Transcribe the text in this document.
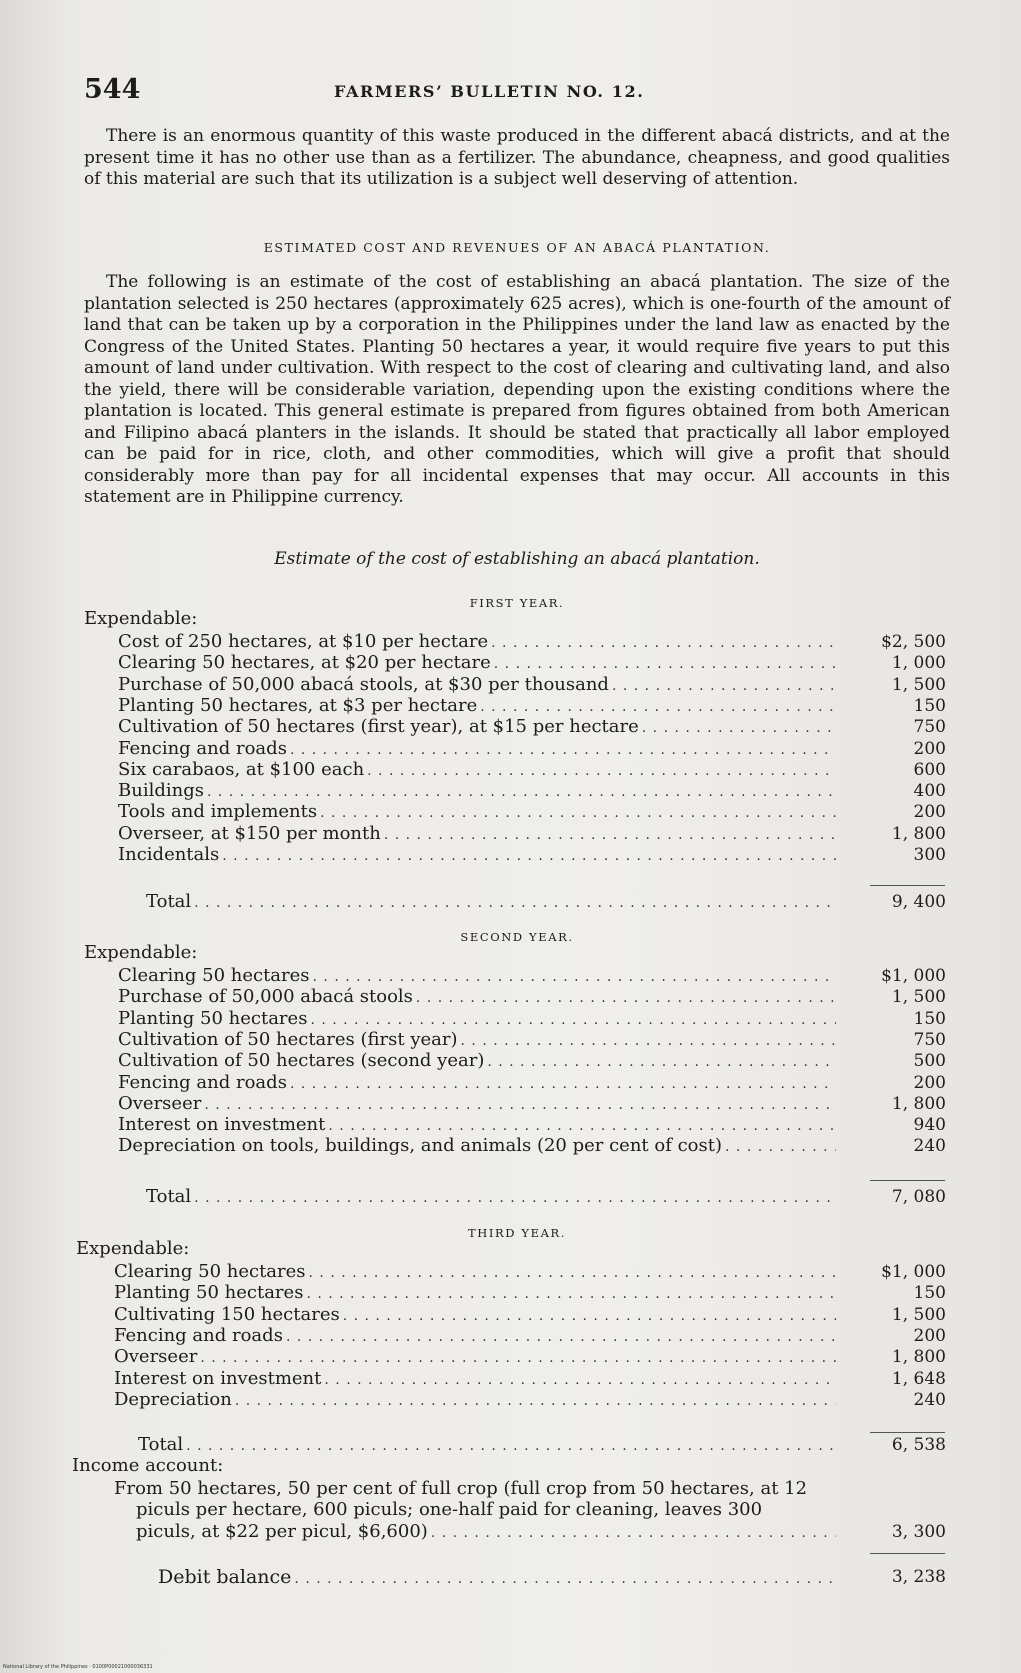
544	FARMERS’ BULLETIN NO. 12.

There is an enormous quantity of this waste produced in the different abacá districts, and at the present time it has no other use than as a fertilizer. The abundance, cheapness, and good qualities of this material are such that its utilization is a subject well deserving of attention.

ESTIMATED COST AND REVENUES OF AN ABACÁ PLANTATION.

The following is an estimate of the cost of establishing an abacá plantation. The size of the plantation selected is 250 hectares (approximately 625 acres), which is one-fourth of the amount of land that can be taken up by a corporation in the Philippines under the land law as enacted by the Congress of the United States. Planting 50 hectares a year, it would require five years to put this amount of land under cultivation. With respect to the cost of clearing and cultivating land, and also the yield, there will be considerable variation, depending upon the existing conditions where the plantation is located. This general estimate is prepared from figures obtained from both American and Filipino abacá planters in the islands. It should be stated that practically all labor employed can be paid for in rice, cloth, and other commodities, which will give a profit that should considerably more than pay for all incidental expenses that may occur. All accounts in this statement are in Philippine currency.

Estimate of the cost of establishing an abacá plantation.
FIRST YEAR.
Expendable:
Cost of 250 hectares, at $10 per hectare . . .	$2, 500
Clearing 50 hectares, at $20 per hectare . . .	1, 000
Purchase of 50,000 abacá stools, at $30 per thousand . . .	1, 500
Planting 50 hectares, at $3 per hectare . . .	150
Cultivation of 50 hectares (first year), at $15 per hectare . . .	750
Fencing and roads . . .	200
Six carabaos, at $100 each . . .	600
Buildings . . .	400
Tools and implements . . .	200
Overseer, at $150 per month . . .	1, 800
Incidentals . . .	300
Total . . .	9, 400
SECOND YEAR.
Expendable:
Clearing 50 hectares . . .	$1, 000
Purchase of 50,000 abacá stools . . .	1, 500
Planting 50 hectares . . .	150
Cultivation of 50 hectares (first year) . . .	750
Cultivation of 50 hectares (second year) . . .	500
Fencing and roads . . .	200
Overseer . . .	1, 800
Interest on investment . . .	940
Depreciation on tools, buildings, and animals (20 per cent of cost) . . .	240
Total . . .	7, 080
THIRD YEAR.
Expendable:
Clearing 50 hectares . . .	$1, 000
Planting 50 hectares . . .	150
Cultivating 150 hectares . . .	1, 500
Fencing and roads . . .	200
Overseer . . .	1, 800
Interest on investment . . .	1, 648
Depreciation . . .	240
Total . . .	6, 538
Income account:
From 50 hectares, 50 per cent of full crop (full crop from 50 hectares, at 12
piculs per hectare, 600 piculs; one-half paid for cleaning, leaves 300
piculs, at $22 per picul, $6,600) . . .	3, 300
Debit balance . . .	3, 238
National Library of the Philippines · 0100P00021000036331
